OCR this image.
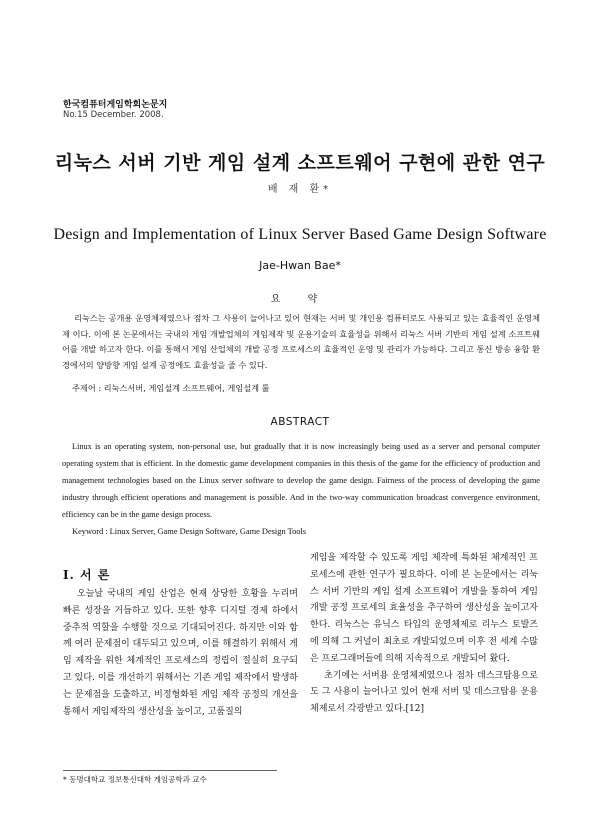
한국컴퓨터게임학회논문지
No.15 December. 2008.
리눅스 서버 기반 게임 설계 소프트웨어 구현에 관한 연구
배 재 환*
Design and Implementation of Linux Server Based Game Design Software
Jae-Hwan Bae*
요 약
리눅스는 공개용 운영체제였으나 점차 그 사용이 늘어나고 있어 현재는 서버 및 개인용 컴퓨터로도 사용되고 있는 효율적인 운영체제 이다. 이에 본 논문에서는 국내의 게임 개발업체의 게임제작 및 운용기술의 효율성을 위해서 리눅스 서버 기반의 게임 설계 소프트웨어를 개발 하고자 한다. 이를 통해서 게임 산업체의 개발 공정 프로세스의 효율적인 운영 및 관리가 가능하다. 그리고 통신 방송 융합 환경에서의 양방향 게임 설계 공정에도 효율성을 줄 수 있다.
주제어 : 리눅스서버, 게임설계 소프트웨어, 게임설계 툴
ABSTRACT
Linux is an operating system, non-personal use, but gradually that it is now increasingly being used as a server and personal computer operating system that is efficient. In the domestic game development companies in this thesis of the game for the efficiency of production and management technologies based on the Linux server software to develop the game design. Fairness of the process of developing the game industry through efficient operations and management is possible. And in the two-way communication broadcast convergence environment, efficiency can be in the game design process.
Keyword : Linux Server, Game Design Software, Game Design Tools
Ⅰ. 서 론

오늘날 국내의 게임 산업은 현재 상당한 호황을 누리며 빠른 성장을 거듭하고 있다. 또한 향후 디지털 경제 하에서 중추적 역할을 수행할 것으로 기대되어진다. 하지만 이와 함께 여러 문제점이 대두되고 있으며, 이를 해결하기 위해서 게임 제작을 위한 체계적인 프로세스의 정립이 절실히 요구되고 있다. 이를 개선하기 위해서는 기존 게임 제작에서 발생하는 문제점을 도출하고, 비정형화된 게임 제작 공정의 개선을 통해서 게임제작의 생산성을 높이고, 고품질의

게임을 제작할 수 있도록 게임 제작에 특화된 체계적인 프로세스에 관한 연구가 필요하다. 이에 본 논문에서는 리눅스 서버 기반의 게임 설계 소프트웨어 개발을 통하여 게임 개발 공정 프로세의 효율성을 추구하여 생산성을 높이고자 한다. 리눅스는 유닉스 타입의 운영체제로 리누스 토발즈에 의해 그 커널이 최초로 개발되었으며 이후 전 세계 수많은 프로그래머들에 의해 지속적으로 개발되어 왔다.

초기에는 서버용 운영체제였으나 점차 데스크탑용으로도 그 사용이 늘어나고 있어 현재 서버 및 데스크탑용 운용체제로서 각광받고 있다.[12]

* 동명대학교 정보통신대학 게임공학과 교수
